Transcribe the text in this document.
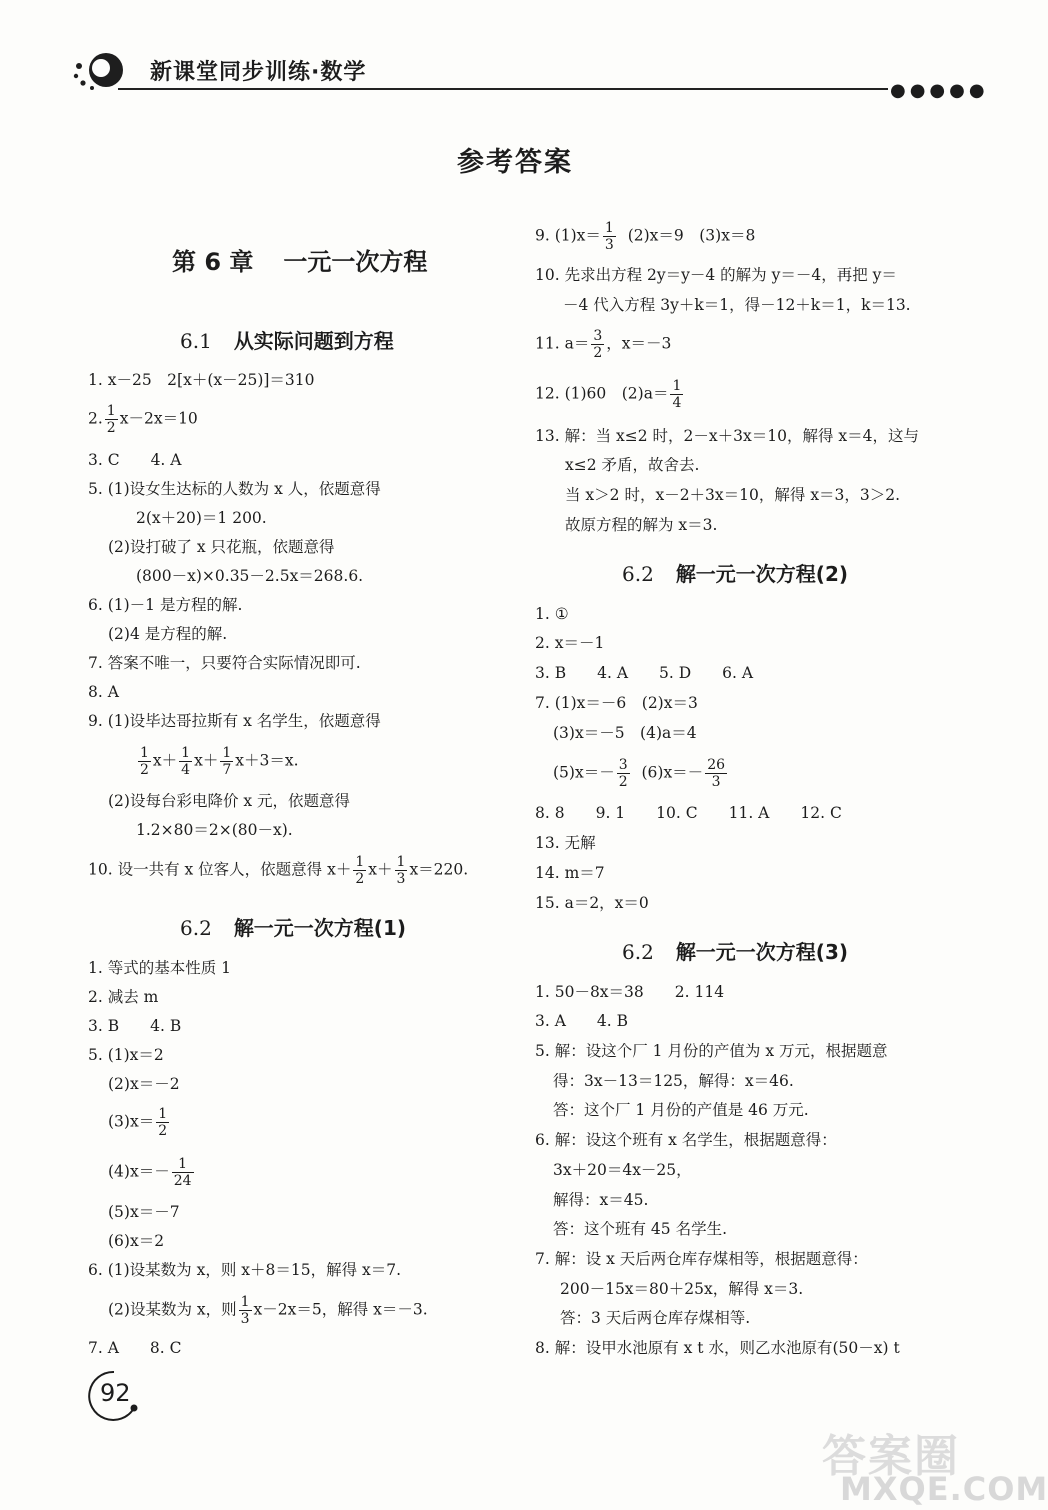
新课堂同步训练·数学
●●●●●
参考答案
第 6 章 一元一次方程
6.1 从实际问题到方程
1. x－25　2[x＋(x－25)]＝310
2. $\frac{1}{2} x-2x=10$
3. C　　4. A
5. (1)设女生达标的人数为 x 人，依题意得
2(x＋20)＝1 200.
(2)设打破了 x 只花瓶，依题意得
(800－x)×0.35－2.5x＝268.6.
6. (1)－1 是方程的解.
(2)4 是方程的解.
7. 答案不唯一，只要符合实际情况即可.
8. A
9. (1)设毕达哥拉斯有 x 名学生，依题意得
$\frac{1}{2} x+ \frac{1}{4} x+ \frac{1}{7} x+3=x$.
(2)设每台彩电降价 x 元，依题意得
1.2×80＝2×(80－x).
10. 设一共有 x 位客人，依题意得 $x+ \frac{1}{2} x+ \frac{1}{3} x=220$.
6.2 解一元一次方程(1)
1. 等式的基本性质 1
2. 减去 m
3. B　　4. B
5. (1)x＝2
(2)x＝－2
$(3)x= \frac{1}{2}$
$(4)x=- \frac{1}{24}$
(5)x＝－7
(6)x＝2
6. (1)设某数为 x，则 x＋8＝15，解得 x＝7.
(2)设某数为 x，则 $\frac{1}{3} x-2x=5$，解得 x＝－3.
7. A　　8. C
9. $(1)x= \frac{1}{3} (2)x=9$　(3)x＝8
10. 先求出方程 2y＝y－4 的解为 y＝－4，再把 y＝
－4 代入方程 3y＋k＝1，得－12＋k＝1，k＝13.
11. $a= \frac{3}{2}$ ，x＝－3
12. (1)60　$(2)a= \frac{1}{4}$
13. 解：当 x≤2 时，2－x＋3x＝10，解得 x＝4，这与
x≤2 矛盾，故舍去.
当 x＞2 时，x－2＋3x＝10，解得 x＝3，3＞2.
故原方程的解为 x＝3.
6.2 解一元一次方程(2)
1. ①
2. x＝－1
3. B　　4. A　　5. D　　6. A
7. (1)x＝－6　(2)x＝3
(3)x＝－5　(4)a＝4
$(5)x=- \frac{3}{2} (6)x=- \frac{26}{3}$
8. 8　　9. 1　　10. C　　11. A　　12. C
13. 无解
14. m＝7
15. a＝2，x＝0
6.2 解一元一次方程(3)
1. 50－8x＝38　　2. 114
3. A　　4. B
5. 解：设这个厂 1 月份的产值为 x 万元，根据题意
得：3x－13＝125，解得：x＝46.
答：这个厂 1 月份的产值是 46 万元.
6. 解：设这个班有 x 名学生，根据题意得：
3x＋20＝4x－25，
解得：x＝45.
答：这个班有 45 名学生.
7. 解：设 x 天后两仓库存煤相等，根据题意得：
200－15x＝80＋25x，解得 x＝3.
答：3 天后两仓库存煤相等.
8. 解：设甲水池原有 x t 水，则乙水池原有(50－x) t
92
答案圈
MXQE.COM
